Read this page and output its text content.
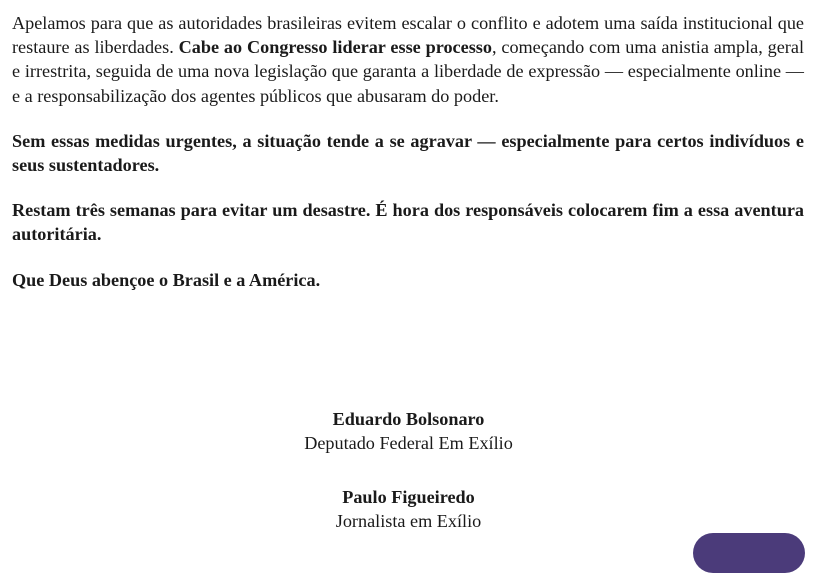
Apelamos para que as autoridades brasileiras evitem escalar o conflito e adotem uma saída institucional que restaure as liberdades. Cabe ao Congresso liderar esse processo, começando com uma anistia ampla, geral e irrestrita, seguida de uma nova legislação que garanta a liberdade de expressão — especialmente online — e a responsabilização dos agentes públicos que abusaram do poder.

Sem essas medidas urgentes, a situação tende a se agravar — especialmente para certos indivíduos e seus sustentadores.

Restam três semanas para evitar um desastre. É hora dos responsáveis colocarem fim a essa aventura autoritária.

Que Deus abençoe o Brasil e a América.

Eduardo Bolsonaro

Deputado Federal Em Exílio

Paulo Figueiredo

Jornalista em Exílio
